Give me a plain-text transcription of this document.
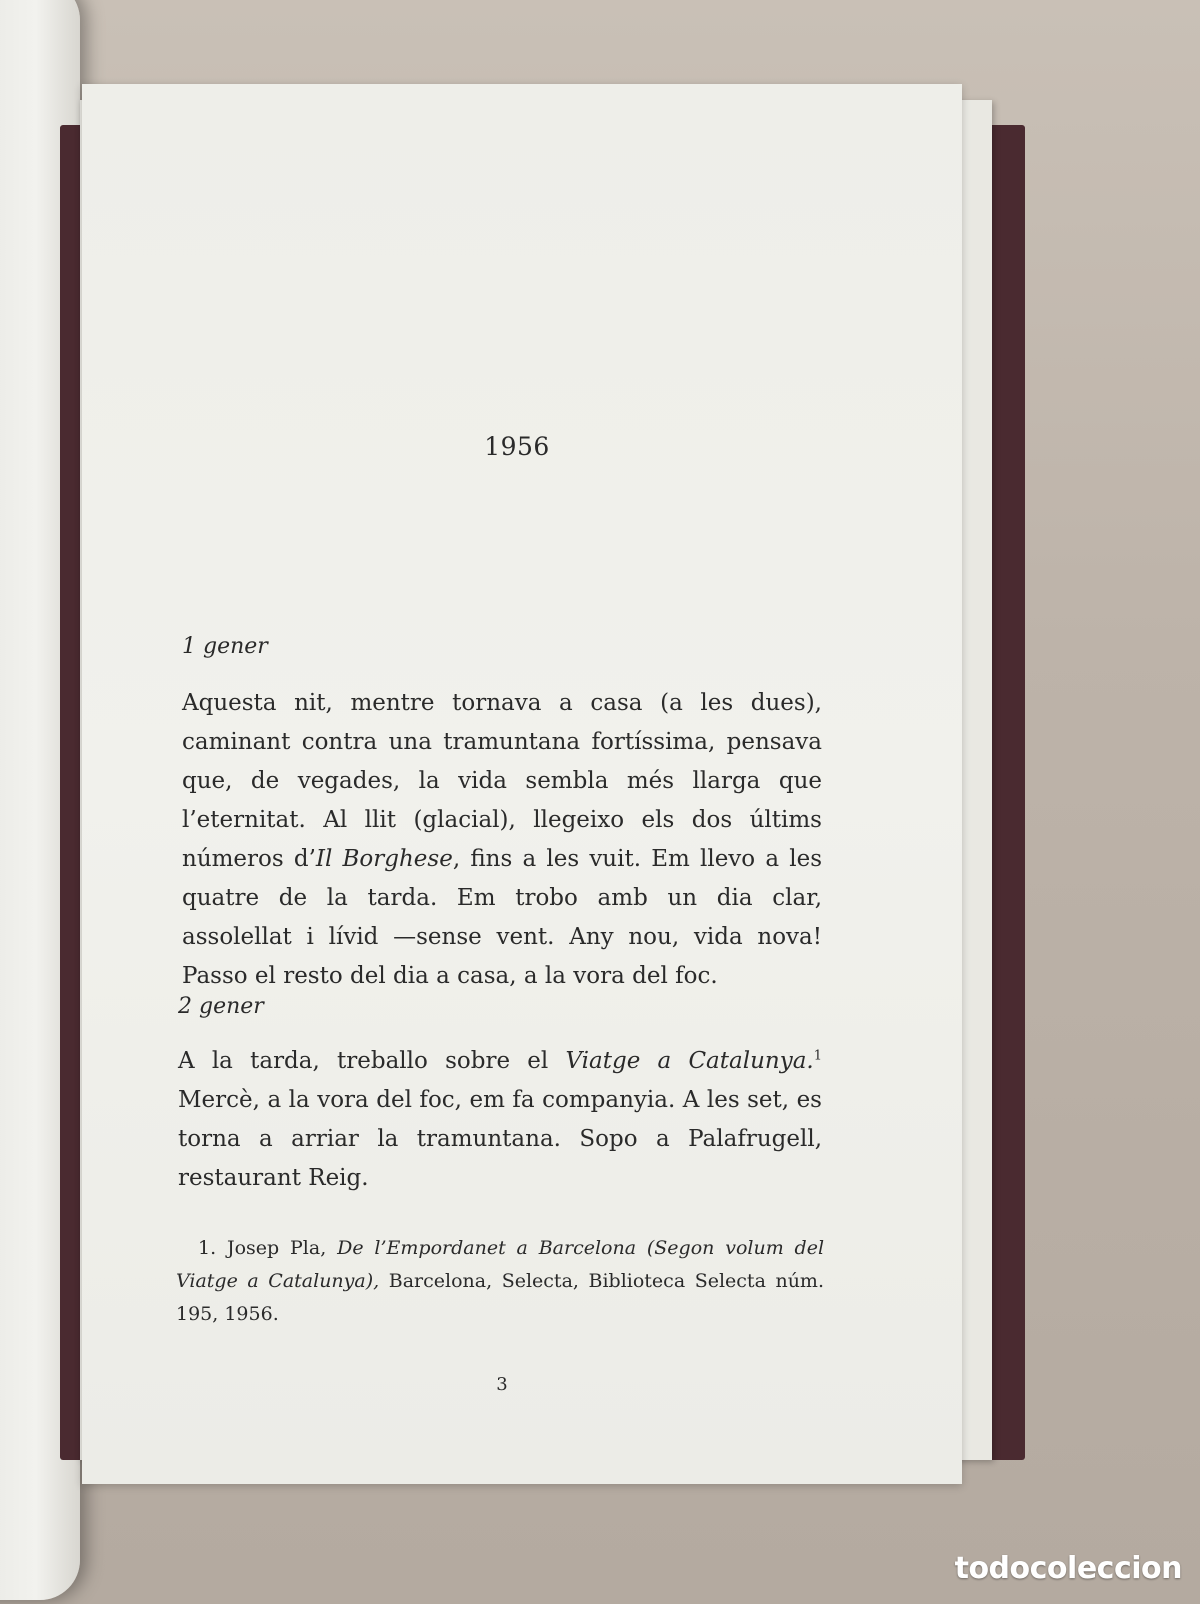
1956
1 gener

Aquesta nit, mentre tornava a casa (a les dues), caminant contra una tramuntana fortíssima, pensava que, de vegades, la vida sembla més llarga que l’eternitat. Al llit (glacial), llegeixo els dos últims números d’Il Borghese, fins a les vuit. Em llevo a les quatre de la tarda. Em trobo amb un dia clar, assolellat i lívid —sense vent. Any nou, vida nova! Passo el resto del dia a casa, a la vora del foc.

2 gener

A la tarda, treballo sobre el Viatge a Catalunya.$^1$ Mercè, a la vora del foc, em fa companyia. A les set, es torna a arriar la tramuntana. Sopo a Palafrugell, restaurant Reig.

1. Josep Pla, De l’Empordanet a Barcelona (Segon volum del Viatge a Catalunya), Barcelona, Selecta, Biblioteca Selecta núm. 195, 1956.
3
todocoleccion
